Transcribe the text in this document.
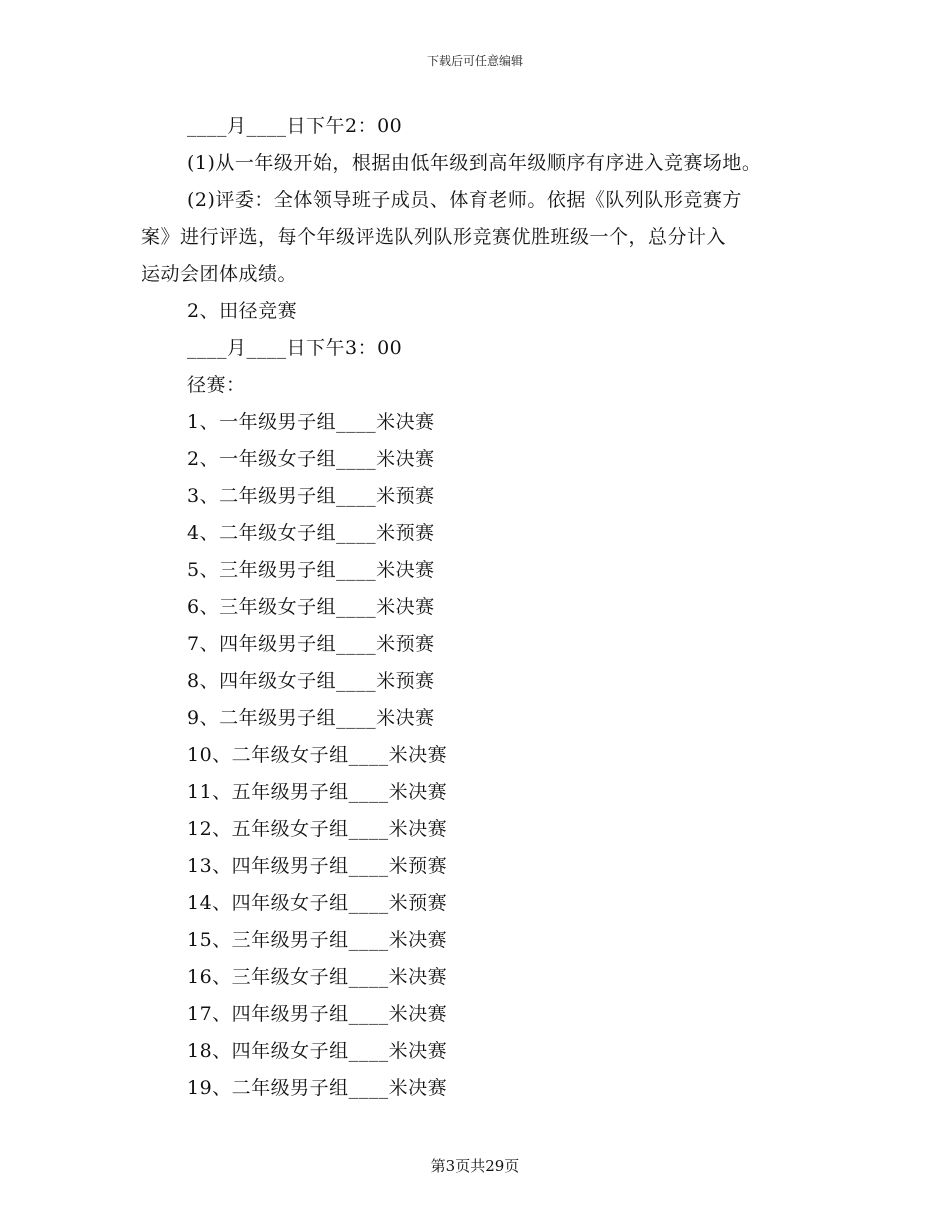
下载后可任意编辑
____月____日下午2：00
(1)从一年级开始，根据由低年级到高年级顺序有序进入竞赛场地。
(2)评委：全体领导班子成员、体育老师。依据《队列队形竞赛方
案》进行评选，每个年级评选队列队形竞赛优胜班级一个，总分计入
运动会团体成绩。
2、田径竞赛
____月____日下午3：00
径赛：
1、一年级男子组____米决赛
2、一年级女子组____米决赛
3、二年级男子组____米预赛
4、二年级女子组____米预赛
5、三年级男子组____米决赛
6、三年级女子组____米决赛
7、四年级男子组____米预赛
8、四年级女子组____米预赛
9、二年级男子组____米决赛
10、二年级女子组____米决赛
11、五年级男子组____米决赛
12、五年级女子组____米决赛
13、四年级男子组____米预赛
14、四年级女子组____米预赛
15、三年级男子组____米决赛
16、三年级女子组____米决赛
17、四年级男子组____米决赛
18、四年级女子组____米决赛
19、二年级男子组____米决赛
第3页共29页
